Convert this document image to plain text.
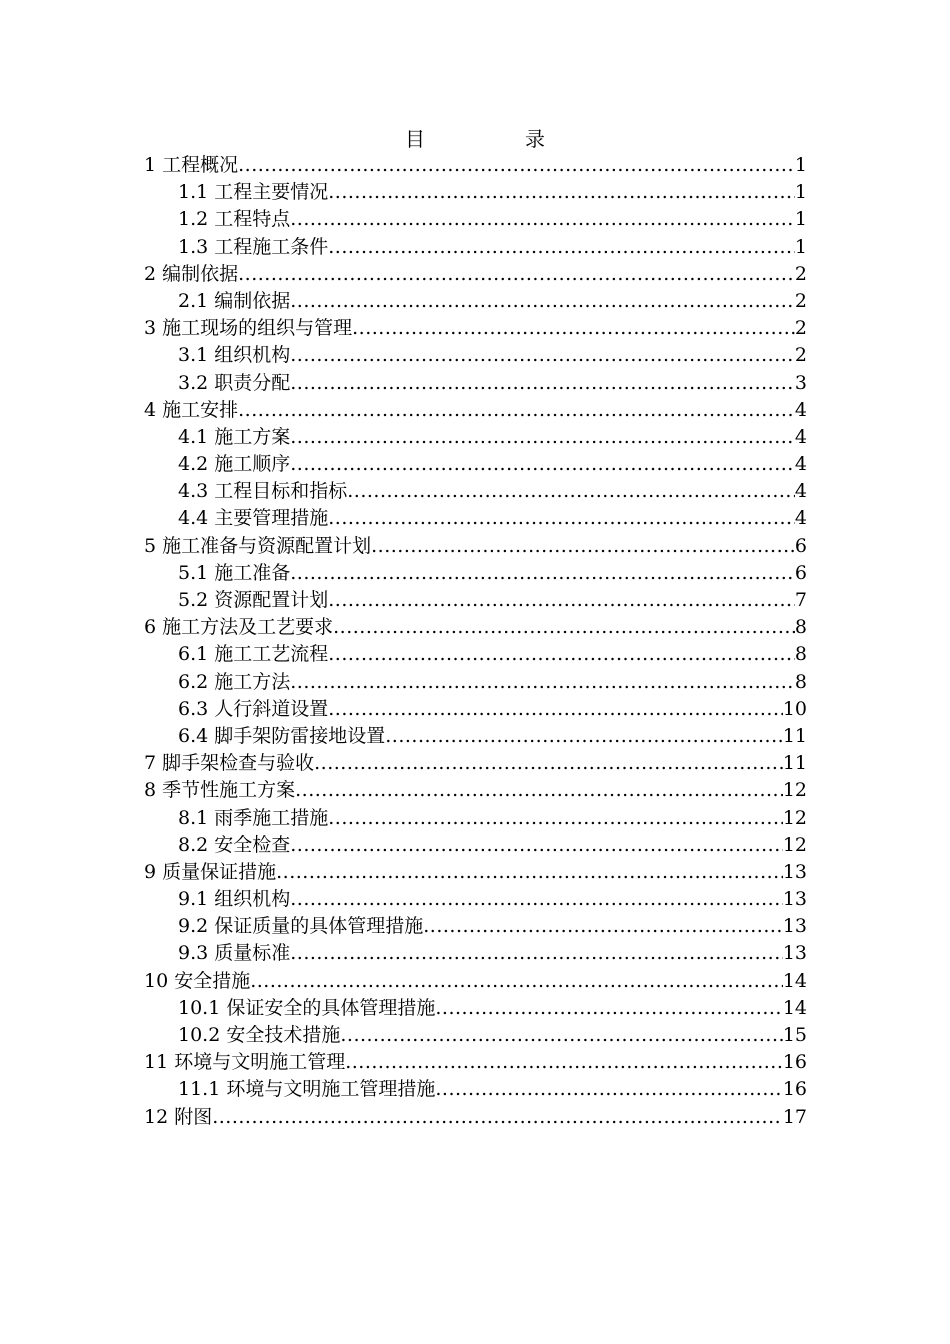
目　录
1 工程概况 .....	1
1.1 工程主要情况 .....	1
1.2 工程特点 .....	1
1.3 工程施工条件 .....	1
2 编制依据 .....	2
2.1 编制依据 .....	2
3 施工现场的组织与管理 .....	2
3.1 组织机构 .....	2
3.2 职责分配 .....	3
4 施工安排 .....	4
4.1 施工方案 .....	4
4.2 施工顺序 .....	4
4.3 工程目标和指标 .....	4
4.4 主要管理措施 .....	4
5 施工准备与资源配置计划 .....	6
5.1 施工准备 .....	6
5.2 资源配置计划 .....	7
6 施工方法及工艺要求 .....	8
6.1 施工工艺流程 .....	8
6.2 施工方法 .....	8
6.3 人行斜道设置 .....	10
6.4 脚手架防雷接地设置 .....	11
7 脚手架检查与验收 .....	11
8 季节性施工方案 .....	12
8.1 雨季施工措施 .....	12
8.2 安全检查 .....	12
9 质量保证措施 .....	13
9.1 组织机构 .....	13
9.2 保证质量的具体管理措施 .....	13
9.3 质量标准 .....	13
10 安全措施 .....	14
10.1 保证安全的具体管理措施 .....	14
10.2 安全技术措施 .....	15
11 环境与文明施工管理 .....	16
11.1 环境与文明施工管理措施 .....	16
12 附图 .....	17
